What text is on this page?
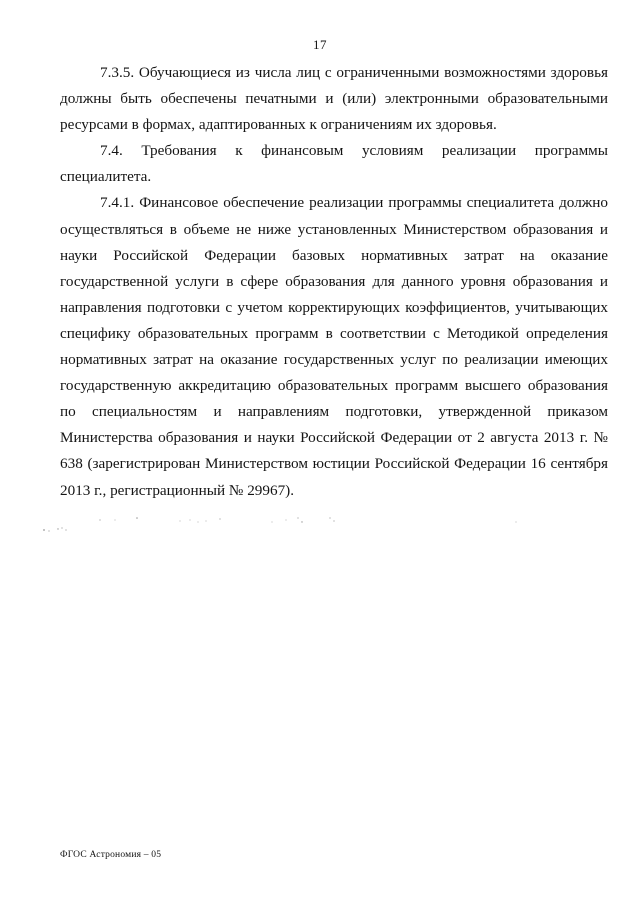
17

7.3.5. Обучающиеся из числа лиц с ограниченными возможностями здоровья должны быть обеспечены печатными и (или) электронными образовательными ресурсами в формах, адаптированных к ограничениям их здоровья.

7.4. Требования к финансовым условиям реализации программы специалитета.

7.4.1. Финансовое обеспечение реализации программы специалитета должно осуществляться в объеме не ниже установленных Министерством образования и науки Российской Федерации базовых нормативных затрат на оказание государственной услуги в сфере образования для данного уровня образования и направления подготовки с учетом корректирующих коэффициентов, учитывающих специфику образовательных программ в соответствии с Методикой определения нормативных затрат на оказание государственных услуг по реализации имеющих государственную аккредитацию образовательных программ высшего образования по специальностям и направлениям подготовки, утвержденной приказом Министерства образования и науки Российской Федерации от 2 августа 2013 г. № 638 (зарегистрирован Министерством юстиции Российской Федерации 16 сентября 2013 г., регистрационный № 29967).

ФГОС Астрономия – 05
